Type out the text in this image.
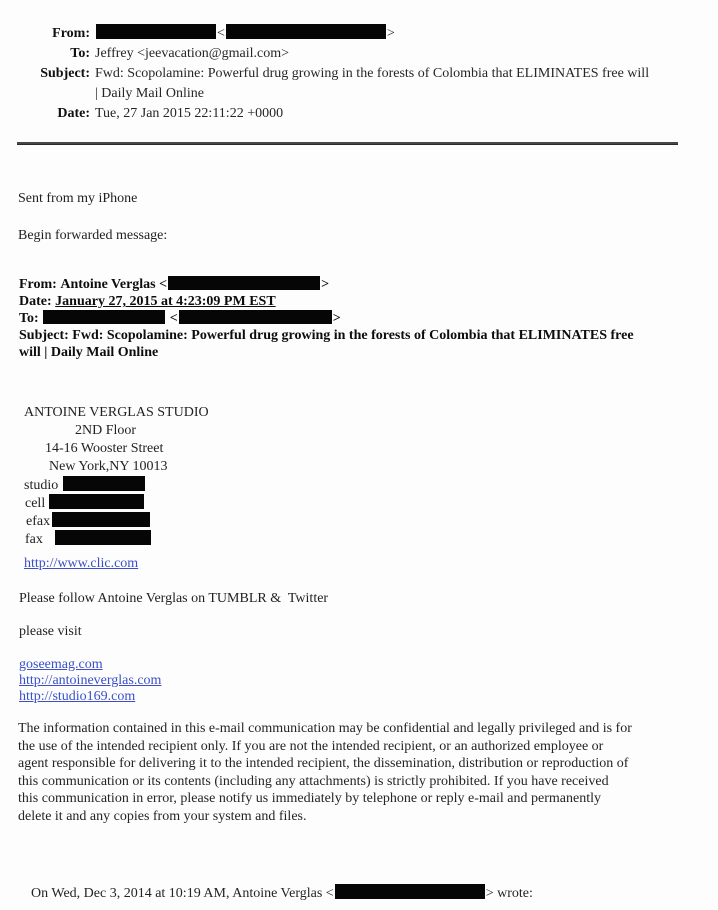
From:	<	>
To: Jeffrey <jeevacation@gmail.com>
Subject: Fwd: Scopolamine: Powerful drug growing in the forests of Colombia that ELIMINATES free will
| Daily Mail Online
Date: Tue, 27 Jan 2015 22:11:22 +0000
Sent from my iPhone
Begin forwarded message:
From: Antoine Verglas <	>
Date: January 27, 2015 at 4:23:09 PM EST
To:	<	>
Subject: Fwd: Scopolamine: Powerful drug growing in the forests of Colombia that ELIMINATES free
will | Daily Mail Online
ANTOINE VERGLAS STUDIO
2ND Floor
14-16 Wooster Street
New York,NY 10013
studio
cell
efax
fax
http://www.clic.com
Please follow Antoine Verglas on TUMBLR &  Twitter
please visit
goseemag.com
http://antoineverglas.com
http://studio169.com
The information contained in this e-mail communication may be confidential and legally privileged and is for
the use of the intended recipient only. If you are not the intended recipient, or an authorized employee or
agent responsible for delivering it to the intended recipient, the dissemination, distribution or reproduction of
this communication or its contents (including any attachments) is strictly prohibited. If you have received
this communication in error, please notify us immediately by telephone or reply e-mail and permanently
delete it and any copies from your system and files.
On Wed, Dec 3, 2014 at 10:19 AM, Antoine Verglas <	> wrote:
